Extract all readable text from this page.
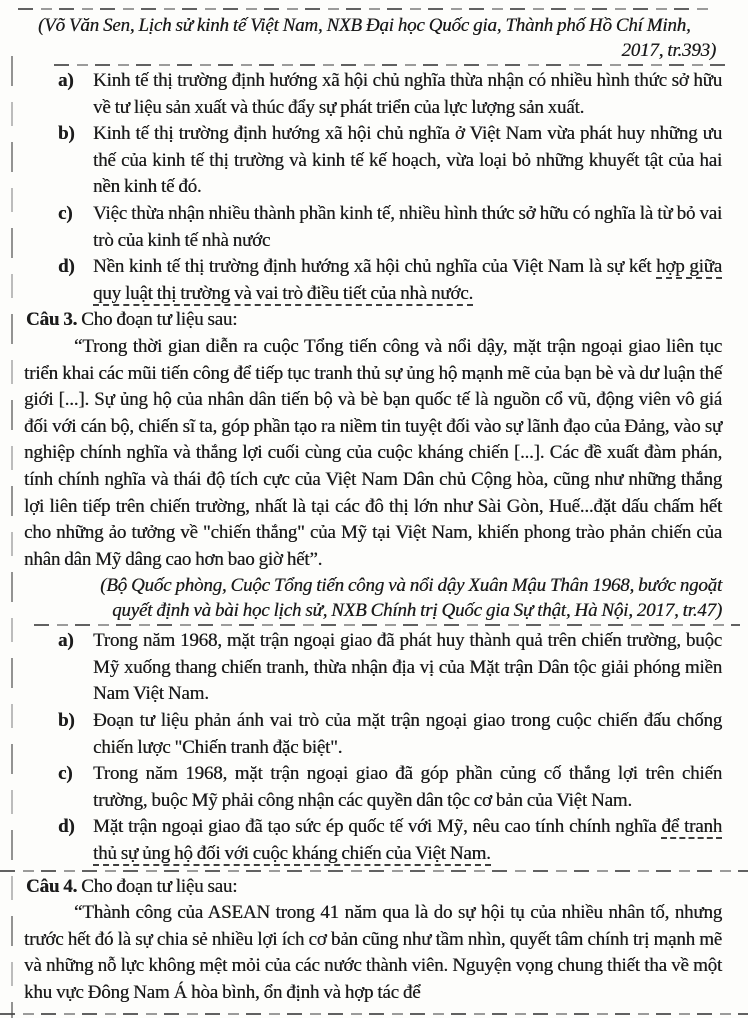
(Võ Văn Sen, Lịch sử kinh tế Việt Nam, NXB Đại học Quốc gia, Thành phố Hồ Chí Minh,
2017, tr.393)
a)	Kinh tế thị trường định hướng xã hội chủ nghĩa thừa nhận có nhiều hình thức sở hữu về tư liệu sản xuất và thúc đẩy sự phát triển của lực lượng sản xuất.
b) Kinh tế thị trường định hướng xã hội chủ nghĩa ở Việt Nam vừa phát huy những ưu thế của kinh tế thị trường và kinh tế kế hoạch, vừa loại bỏ những khuyết tật của hai nền kinh tế đó.
c)	Việc thừa nhận nhiều thành phần kinh tế, nhiều hình thức sở hữu có nghĩa là từ bỏ vai trò của kinh tế nhà nước
d) Nền kinh tế thị trường định hướng xã hội chủ nghĩa của Việt Nam là sự kết hợp giữa quy luật thị trường và vai trò điều tiết của nhà nước.
Câu 3. Cho đoạn tư liệu sau:

“Trong thời gian diễn ra cuộc Tổng tiến công và nổi dậy, mặt trận ngoại giao liên tục triển khai các mũi tiến công để tiếp tục tranh thủ sự ủng hộ mạnh mẽ của bạn bè và dư luận thế giới [...]. Sự ủng hộ của nhân dân tiến bộ và bè bạn quốc tế là nguồn cổ vũ, động viên vô giá đối với cán bộ, chiến sĩ ta, góp phần tạo ra niềm tin tuyệt đối vào sự lãnh đạo của Đảng, vào sự nghiệp chính nghĩa và thắng lợi cuối cùng của cuộc kháng chiến [...]. Các đề xuất đàm phán, tính chính nghĩa và thái độ tích cực của Việt Nam Dân chủ Cộng hòa, cũng như những thắng lợi liên tiếp trên chiến trường, nhất là tại các đô thị lớn như Sài Gòn, Huế...đặt dấu chấm hết cho những ảo tưởng về "chiến thắng" của Mỹ tại Việt Nam, khiến phong trào phản chiến của nhân dân Mỹ dâng cao hơn bao giờ hết”.

(Bộ Quốc phòng, Cuộc Tổng tiến công và nổi dậy Xuân Mậu Thân 1968, bước ngoặt
quyết định và bài học lịch sử, NXB Chính trị Quốc gia Sự thật, Hà Nội, 2017, tr.47)
a)	Trong năm 1968, mặt trận ngoại giao đã phát huy thành quả trên chiến trường, buộc Mỹ xuống thang chiến tranh, thừa nhận địa vị của Mặt trận Dân tộc giải phóng miền Nam Việt Nam.
b) Đoạn tư liệu phản ánh vai trò của mặt trận ngoại giao trong cuộc chiến đấu chống chiến lược "Chiến tranh đặc biệt".
c)	Trong năm 1968, mặt trận ngoại giao đã góp phần củng cố thắng lợi trên chiến trường, buộc Mỹ phải công nhận các quyền dân tộc cơ bản của Việt Nam.
d) Mặt trận ngoại giao đã tạo sức ép quốc tế với Mỹ, nêu cao tính chính nghĩa để tranh thủ sự ủng hộ đối với cuộc kháng chiến của Việt Nam.
Câu 4. Cho đoạn tư liệu sau:

“Thành công của ASEAN trong 41 năm qua là do sự hội tụ của nhiều nhân tố, nhưng trước hết đó là sự chia sẻ nhiều lợi ích cơ bản cũng như tầm nhìn, quyết tâm chính trị mạnh mẽ và những nỗ lực không mệt mỏi của các nước thành viên. Nguyện vọng chung thiết tha về một khu vực Đông Nam Á hòa bình, ổn định và hợp tác để
